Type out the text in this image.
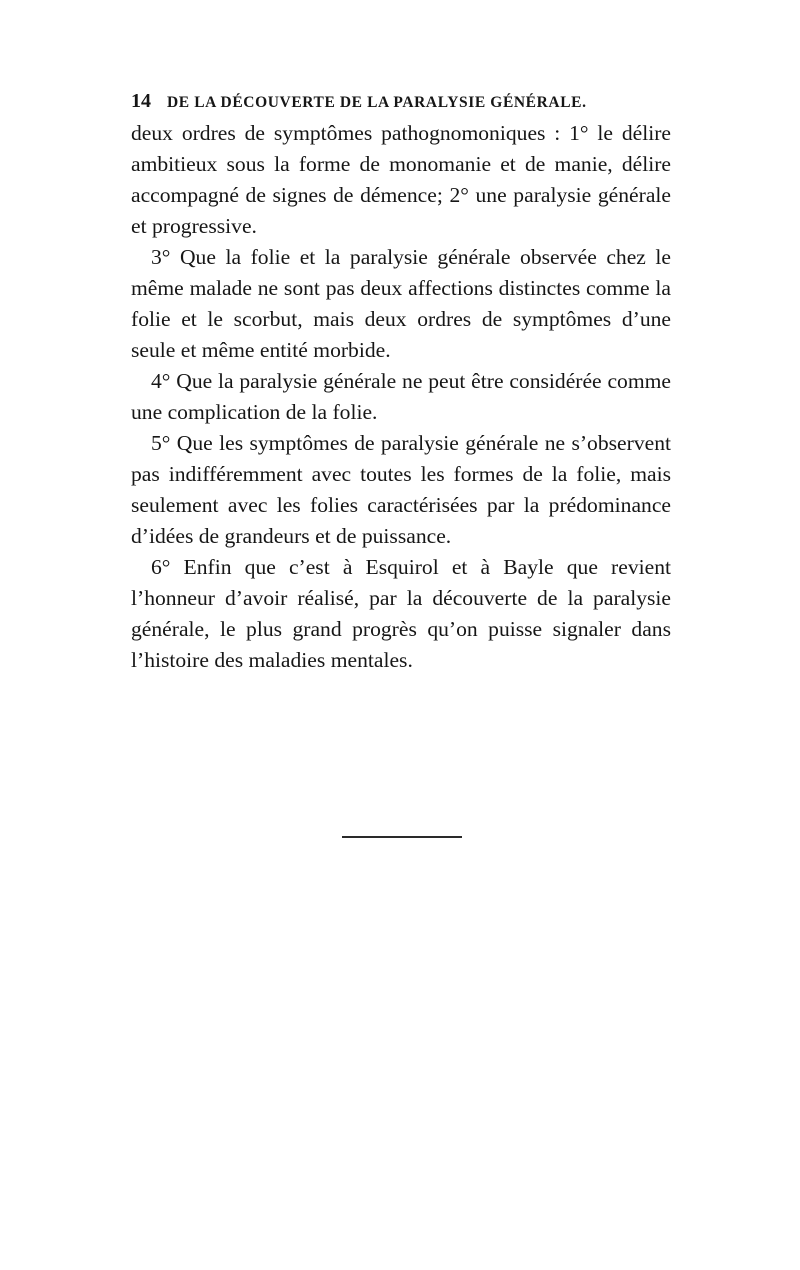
14 DE LA DÉCOUVERTE DE LA PARALYSIE GÉNÉRALE.

deux ordres de symptômes pathognomoniques : 1° le délire ambitieux sous la forme de monomanie et de manie, délire accompagné de signes de démence; 2° une paralysie générale et progressive.

3° Que la folie et la paralysie générale observée chez le même malade ne sont pas deux affections distinctes comme la folie et le scorbut, mais deux ordres de symptômes d’une seule et même entité morbide.

4° Que la paralysie générale ne peut être considérée comme une complication de la folie.

5° Que les symptômes de paralysie générale ne s’observent pas indifféremment avec toutes les formes de la folie, mais seulement avec les folies caractérisées par la prédominance d’idées de grandeurs et de puissance.

6° Enfin que c’est à Esquirol et à Bayle que revient l’honneur d’avoir réalisé, par la découverte de la paralysie générale, le plus grand progrès qu’on puisse signaler dans l’histoire des maladies mentales.
